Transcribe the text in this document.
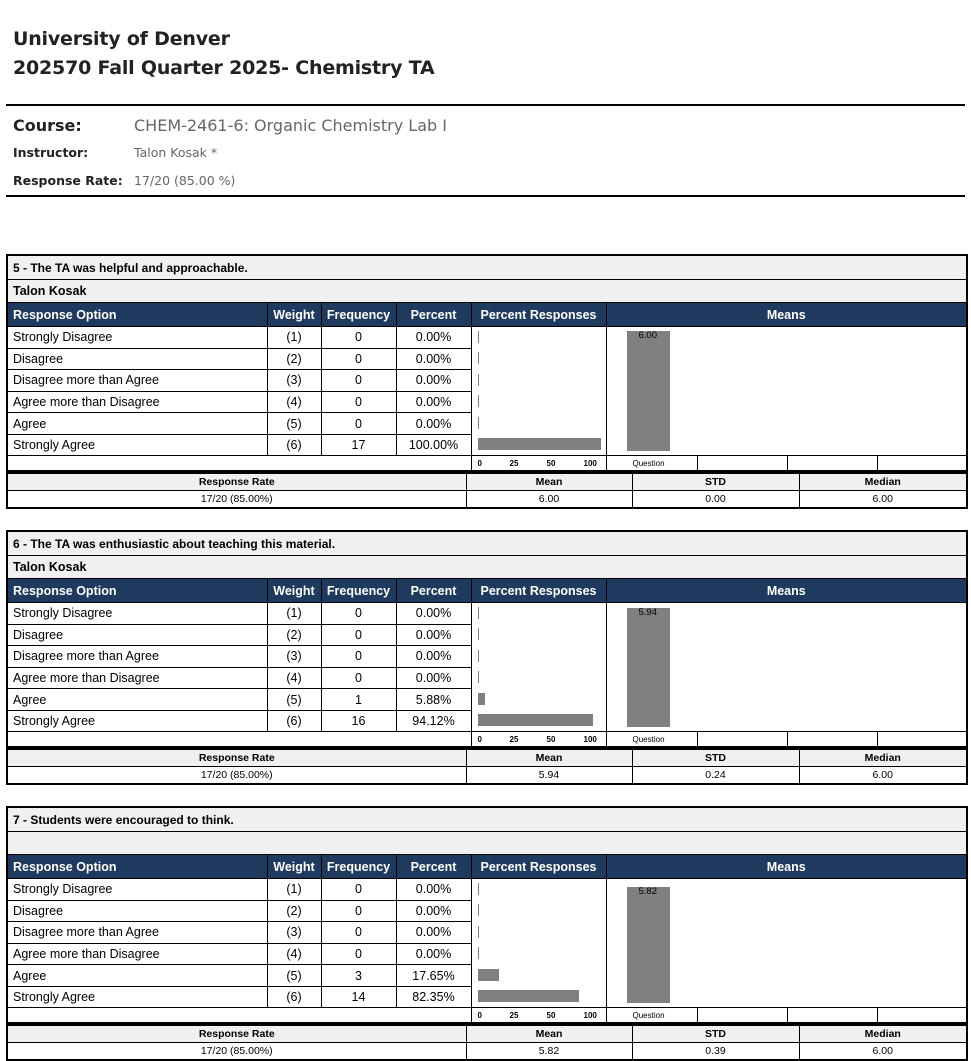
University of Denver
202570 Fall Quarter 2025- Chemistry TA
Course:	CHEM-2461-6: Organic Chemistry Lab I
Instructor:	Talon Kosak *
Response Rate: 17/20 (85.00 %)
5 - The TA was helpful and approachable.					
Talon Kosak					
Response Option	Weight	Frequency	Percent	Percent Responses	Means
Strongly Disagree	(1)	0	0.00%		6.00

Disagree	(2)	0	0.00%		
Disagree more than Agree	(3)	0	0.00%		
Agree more than Disagree	(4)	0	0.00%		
Agree	(5)	0	0.00%		
Strongly Agree	(6)	17	100.00%		

				0 25 50 100	Question
Response Rate	Mean	STD	Median
17/20 (85.00%)	6.00	0.00	6.00
6 - The TA was enthusiastic about teaching this material.					
Talon Kosak					
Response Option	Weight	Frequency	Percent	Percent Responses	Means
Strongly Disagree	(1)	0	0.00%		5.94

Disagree	(2)	0	0.00%		
Disagree more than Agree	(3)	0	0.00%		
Agree more than Disagree	(4)	0	0.00%		
Agree	(5)	1	5.88%		
Strongly Agree	(6)	16	94.12%		

				0 25 50 100	Question
Response Rate	Mean	STD	Median
17/20 (85.00%)	5.94	0.24	6.00
7 - Students were encouraged to think.					

Response Option	Weight	Frequency	Percent	Percent Responses	Means
Strongly Disagree	(1)	0	0.00%		5.82

Disagree	(2)	0	0.00%		
Disagree more than Agree	(3)	0	0.00%		
Agree more than Disagree	(4)	0	0.00%		
Agree	(5)	3	17.65%		
Strongly Agree	(6)	14	82.35%		

				0 25 50 100	Question
Response Rate	Mean	STD	Median
17/20 (85.00%)	5.82	0.39	6.00
